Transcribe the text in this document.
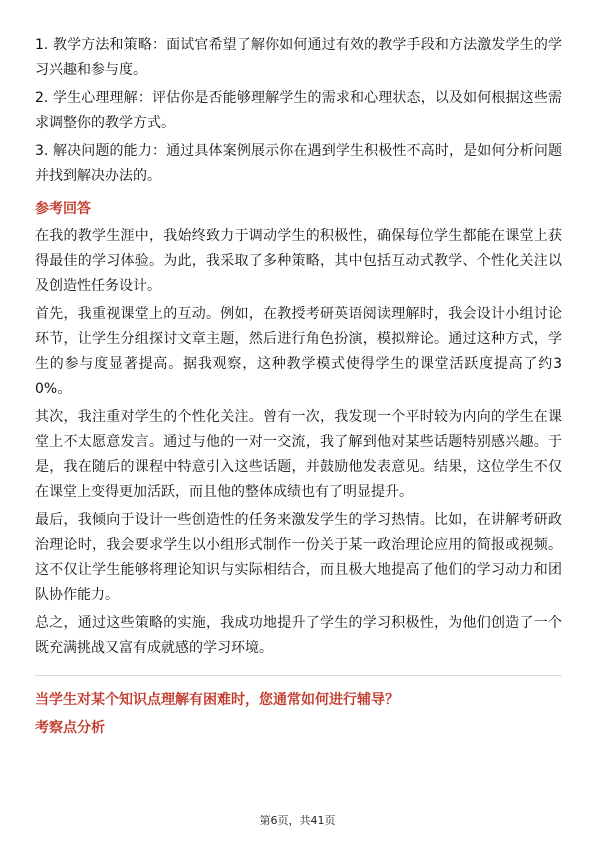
1. 教学方法和策略：面试官希望了解你如何通过有效的教学手段和方法激发学生的学习兴趣和参与度。

2. 学生心理理解：评估你是否能够理解学生的需求和心理状态，以及如何根据这些需求调整你的教学方式。

3. 解决问题的能力：通过具体案例展示你在遇到学生积极性不高时，是如何分析问题并找到解决办法的。

参考回答

在我的教学生涯中，我始终致力于调动学生的积极性，确保每位学生都能在课堂上获得最佳的学习体验。为此，我采取了多种策略，其中包括互动式教学、个性化关注以及创造性任务设计。

首先，我重视课堂上的互动。例如，在教授考研英语阅读理解时，我会设计小组讨论环节，让学生分组探讨文章主题，然后进行角色扮演，模拟辩论。通过这种方式，学生的参与度显著提高。据我观察，这种教学模式使得学生的课堂活跃度提高了约30%。

其次，我注重对学生的个性化关注。曾有一次，我发现一个平时较为内向的学生在课堂上不太愿意发言。通过与他的一对一交流，我了解到他对某些话题特别感兴趣。于是，我在随后的课程中特意引入这些话题，并鼓励他发表意见。结果，这位学生不仅在课堂上变得更加活跃，而且他的整体成绩也有了明显提升。

最后，我倾向于设计一些创造性的任务来激发学生的学习热情。比如，在讲解考研政治理论时，我会要求学生以小组形式制作一份关于某一政治理论应用的简报或视频。这不仅让学生能够将理论知识与实际相结合，而且极大地提高了他们的学习动力和团队协作能力。

总之，通过这些策略的实施，我成功地提升了学生的学习积极性，为他们创造了一个既充满挑战又富有成就感的学习环境。

当学生对某个知识点理解有困难时，您通常如何进行辅导？
考察点分析
第6页，共41页
